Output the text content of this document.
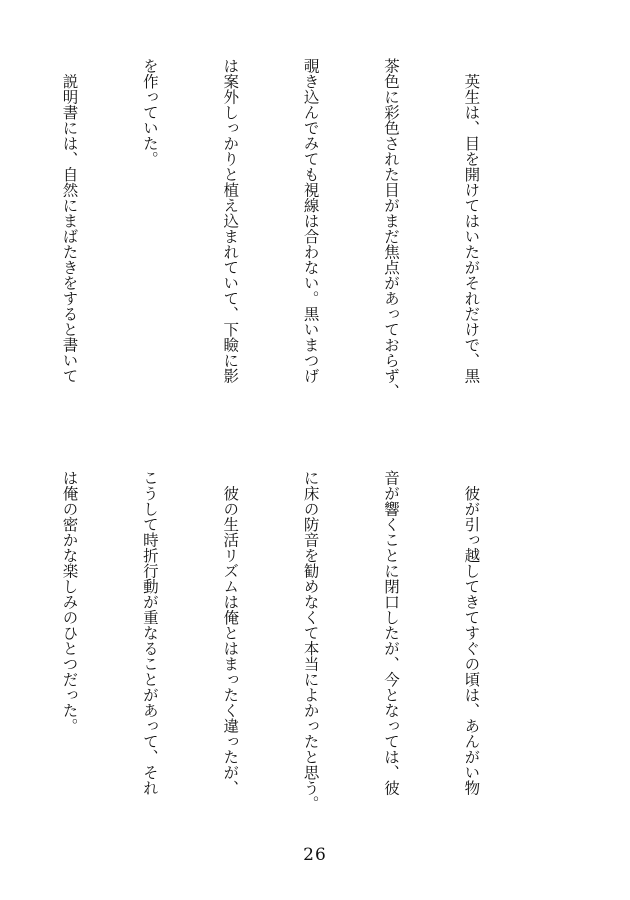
　英生は、目を開けてはいたがそれだけで、黒

茶色に彩色された目がまだ焦点があっておらず、

覗き込んでみても視線は合わない。黒いまつげ

は案外しっかりと植え込まれていて、下瞼に影

を作っていた。

　説明書には、自然にまばたきをすると書いて

　彼が引っ越してきてすぐの頃は、あんがい物

音が響くことに閉口したが、今となっては、彼

に床の防音を勧めなくて本当によかったと思う。

　彼の生活リズムは俺とはまったく違ったが、

こうして時折行動が重なることがあって、それ

は俺の密かな楽しみのひとつだった。

26
